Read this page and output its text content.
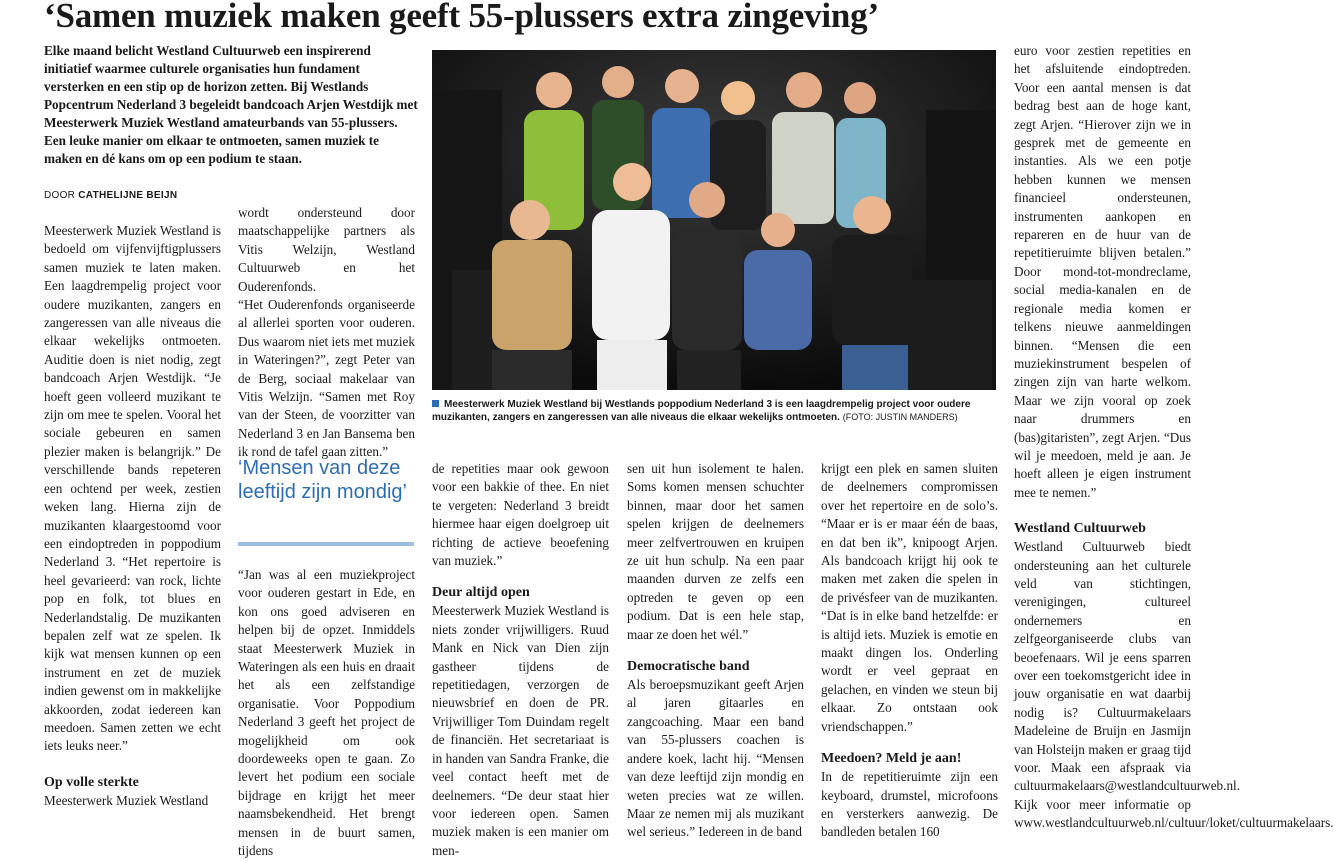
‘Samen muziek maken geeft 55-plussers extra zingeving’

Elke maand belicht Westland Cultuurweb een inspirerend initiatief waarmee culturele organisaties hun fundament versterken en een stip op de horizon zetten. Bij Westlands Popcentrum Nederland 3 begeleidt bandcoach Arjen Westdijk met Meesterwerk Muziek Westland amateurbands van 55-plussers. Een leuke manier om elkaar te ontmoeten, samen muziek te maken en dé kans om op een podium te staan.

DOOR CATHELIJNE BEIJN

Meesterwerk Muziek Westland is bedoeld om vijfenvijftigplussers samen muziek te laten maken. Een laagdrempelig project voor oudere muzikanten, zangers en zangeressen van alle niveaus die elkaar wekelijks ontmoeten. Auditie doen is niet nodig, zegt bandcoach Arjen Westdijk. “Je hoeft geen volleerd muzikant te zijn om mee te spelen. Vooral het sociale gebeuren en samen plezier maken is belangrijk.” De verschillende bands repeteren een ochtend per week, zestien weken lang. Hierna zijn de muzikanten klaargestoomd voor een eindoptreden in poppodium Nederland 3. “Het repertoire is heel gevarieerd: van rock, lichte pop en folk, tot blues en Nederlandstalig. De muzikanten bepalen zelf wat ze spelen. Ik kijk wat mensen kunnen op een instrument en zet de muziek indien gewenst om in makkelijke akkoorden, zodat iedereen kan meedoen. Samen zetten we echt iets leuks neer.”

Op volle sterkte

Meesterwerk Muziek Westland

wordt ondersteund door maatschappelijke partners als Vitis Welzijn, Westland Cultuurweb en het Ouderenfonds.

“Het Ouderenfonds organiseerde al allerlei sporten voor ouderen. Dus waarom niet iets met muziek in Wateringen?”, zegt Peter van de Berg, sociaal makelaar van Vitis Welzijn. “Samen met Roy van der Steen, de voorzitter van Nederland 3 en Jan Bansema ben ik rond de tafel gaan zitten.”

‘Mensen van deze leeftijd zijn mondig’

“Jan was al een muziekproject voor ouderen gestart in Ede, en kon ons goed adviseren en helpen bij de opzet. Inmiddels staat Meesterwerk Muziek in Wateringen als een huis en draait het als een zelfstandige organisatie. Voor Poppodium Nederland 3 geeft het project de mogelijkheid om ook doordeweeks open te gaan. Zo levert het podium een sociale bijdrage en krijgt het meer naamsbekendheid. Het brengt mensen in de buurt samen, tijdens

Meesterwerk Muziek Westland bij Westlands poppodium Nederland 3 is een laagdrempelig project voor oudere muzikanten, zangers en zangeressen van alle niveaus die elkaar wekelijks ontmoeten. (FOTO: JUSTIN MANDERS)

de repetities maar ook gewoon voor een bakkie of thee. En niet te vergeten: Nederland 3 breidt hiermee haar eigen doelgroep uit richting de actieve beoefening van muziek.”

Deur altijd open

Meesterwerk Muziek Westland is niets zonder vrijwilligers. Ruud Mank en Nick van Dien zijn gastheer tijdens de repetitiedagen, verzorgen de nieuwsbrief en doen de PR. Vrijwilliger Tom Duindam regelt de financiën. Het secretariaat is in handen van Sandra Franke, die veel contact heeft met de deelnemers. “De deur staat hier voor iedereen open. Samen muziek maken is een manier om men-

sen uit hun isolement te halen. Soms komen mensen schuchter binnen, maar door het samen spelen krijgen de deelnemers meer zelfvertrouwen en kruipen ze uit hun schulp. Na een paar maanden durven ze zelfs een optreden te geven op een podium. Dat is een hele stap, maar ze doen het wél.”

Democratische band

Als beroepsmuzikant geeft Arjen al jaren gitaarles en zangcoaching. Maar een band van 55-plussers coachen is andere koek, lacht hij. “Mensen van deze leeftijd zijn mondig en weten precies wat ze willen. Maar ze nemen mij als muzikant wel serieus.” Iedereen in de band

krijgt een plek en samen sluiten de deelnemers compromissen over het repertoire en de solo’s. “Maar er is er maar één de baas, en dat ben ik”, knipoogt Arjen. Als bandcoach krijgt hij ook te maken met zaken die spelen in de privésfeer van de muzikanten. “Dat is in elke band hetzelfde: er is altijd iets. Muziek is emotie en maakt dingen los. Onderling wordt er veel gepraat en gelachen, en vinden we steun bij elkaar. Zo ontstaan ook vriendschappen.”

Meedoen? Meld je aan!

In de repetitieruimte zijn een keyboard, drumstel, microfoons en versterkers aanwezig. De bandleden betalen 160

euro voor zestien repetities en het afsluitende eindoptreden. Voor een aantal mensen is dat bedrag best aan de hoge kant, zegt Arjen. “Hierover zijn we in gesprek met de gemeente en instanties. Als we een potje hebben kunnen we mensen financieel ondersteunen, instrumenten aankopen en repareren en de huur van de repetitieruimte blijven betalen.” Door mond-tot-mondreclame, social media-kanalen en de regionale media komen er telkens nieuwe aanmeldingen binnen. “Mensen die een muziekinstrument bespelen of zingen zijn van harte welkom. Maar we zijn vooral op zoek naar drummers en (bas)gitaristen”, zegt Arjen. “Dus wil je meedoen, meld je aan. Je hoeft alleen je eigen instrument mee te nemen.”

Westland Cultuurweb

Westland Cultuurweb biedt ondersteuning aan het culturele veld van stichtingen, verenigingen, cultureel ondernemers en zelfgeorganiseerde clubs van beoefenaars. Wil je eens sparren over een toekomstgericht idee in jouw organisatie en wat daarbij nodig is? Cultuurmakelaars Madeleine de Bruijn en Jasmijn van Holsteijn maken er graag tijd voor. Maak een afspraak via cultuurmakelaars@westlandcultuurweb.nl. Kijk voor meer informatie op www.westlandcultuurweb.nl/cultuur/loket/cultuurmakelaars.
